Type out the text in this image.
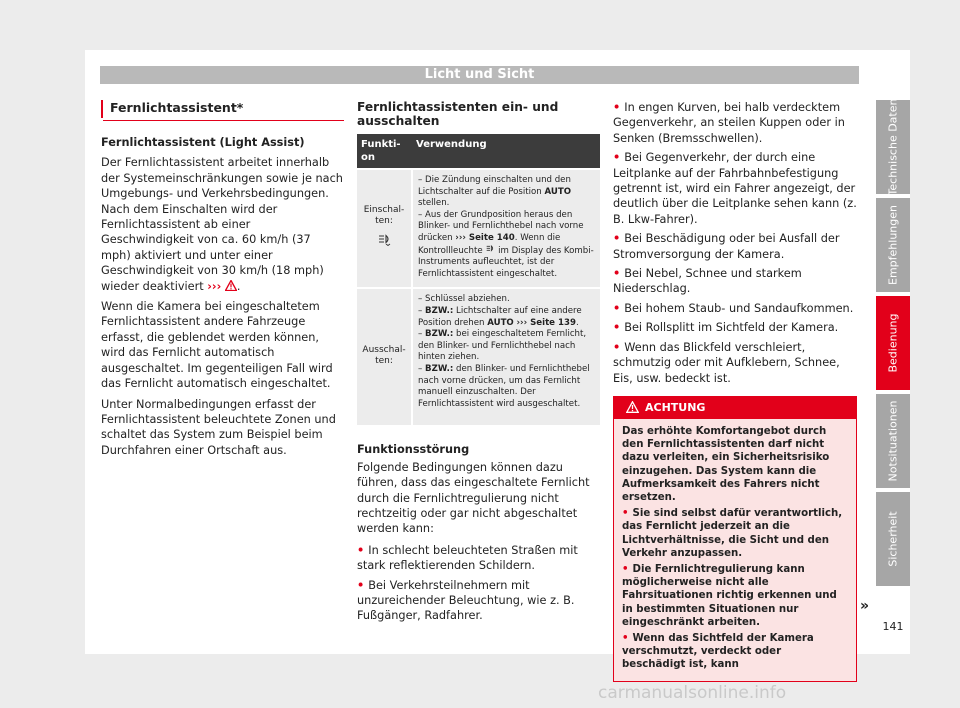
Licht und Sicht
Fernlichtassistent*

Fernlichtassistent (Light Assist)

Der Fernlichtassistent arbeitet innerhalb der Systemeinschränkungen sowie je nach Umgebungs- und Verkehrsbedingungen. Nach dem Einschalten wird der Fernlichtassistent ab einer Geschwindigkeit von ca. 60 km/h (37 mph) aktiviert und unter einer Geschwindigkeit von 30 km/h (18 mph) wieder deaktiviert ››› .

Wenn die Kamera bei eingeschaltetem Fernlichtassistent andere Fahrzeuge erfasst, die geblendet werden können, wird das Fernlicht automatisch ausgeschaltet. Im gegenteiligen Fall wird das Fernlicht automatisch eingeschaltet.

Unter Normalbedingungen erfasst der Fernlichtassistent beleuchtete Zonen und schaltet das System zum Beispiel beim Durchfahren einer Ortschaft aus.

Fernlichtassistenten ein- und ausschalten
Funkti-on	Verwendung

Einschal-ten:	– Die Zündung einschalten und den Lichtschalter auf die Position AUTO stellen.
– Aus der Grundposition heraus den Blinker- und Fernlichthebel nach vorne drücken ››› Seite 140. Wenn die Kontrollleuchte  im Display des Kombi-Instruments aufleuchtet, ist der Fernlichtassistent eingeschaltet.
Ausschal-ten:	– Schlüssel abziehen.
– BZW.: Lichtschalter auf eine andere Position drehen AUTO ››› Seite 139.
– BZW.: bei eingeschaltetem Fernlicht, den Blinker- und Fernlichthebel nach hinten ziehen.
– BZW.: den Blinker- und Fernlichthebel nach vorne drücken, um das Fernlicht manuell einzuschalten. Der Fernlichtassistent wird ausgeschaltet.

Funktionsstörung

Folgende Bedingungen können dazu führen, dass das eingeschaltete Fernlicht durch die Fernlichtregulierung nicht rechtzeitig oder gar nicht abgeschaltet werden kann:

• In schlecht beleuchteten Straßen mit stark reflektierenden Schildern.
• Bei Verkehrsteilnehmern mit unzureichender Beleuchtung, wie z. B. Fußgänger, Radfahrer.
• In engen Kurven, bei halb verdecktem Gegenverkehr, an steilen Kuppen oder in Senken (Bremsschwellen).
• Bei Gegenverkehr, der durch eine Leitplanke auf der Fahrbahnbefestigung getrennt ist, wird ein Fahrer angezeigt, der deutlich über die Leitplanke sehen kann (z. B. Lkw-Fahrer).
• Bei Beschädigung oder bei Ausfall der Stromversorgung der Kamera.
• Bei Nebel, Schnee und starkem Niederschlag.
• Bei hohem Staub- und Sandaufkommen.
• Bei Rollsplitt im Sichtfeld der Kamera.
• Wenn das Blickfeld verschleiert, schmutzig oder mit Aufklebern, Schnee, Eis, usw. bedeckt ist.
ACHTUNG

Das erhöhte Komfortangebot durch den Fernlichtassistenten darf nicht dazu verleiten, ein Sicherheitsrisiko einzugehen. Das System kann die Aufmerksamkeit des Fahrers nicht ersetzen.

• Sie sind selbst dafür verantwortlich, das Fernlicht jederzeit an die Lichtverhältnisse, die Sicht und den Verkehr anzupassen.

• Die Fernlichtregulierung kann möglicherweise nicht alle Fahrsituationen richtig erkennen und in bestimmten Situationen nur eingeschränkt arbeiten.

• Wenn das Sichtfeld der Kamera verschmutzt, verdeckt oder beschädigt ist, kann

»
Technische Daten
Empfehlungen
Bedienung
Notsituationen
Sicherheit
141
carmanualsonline.info
